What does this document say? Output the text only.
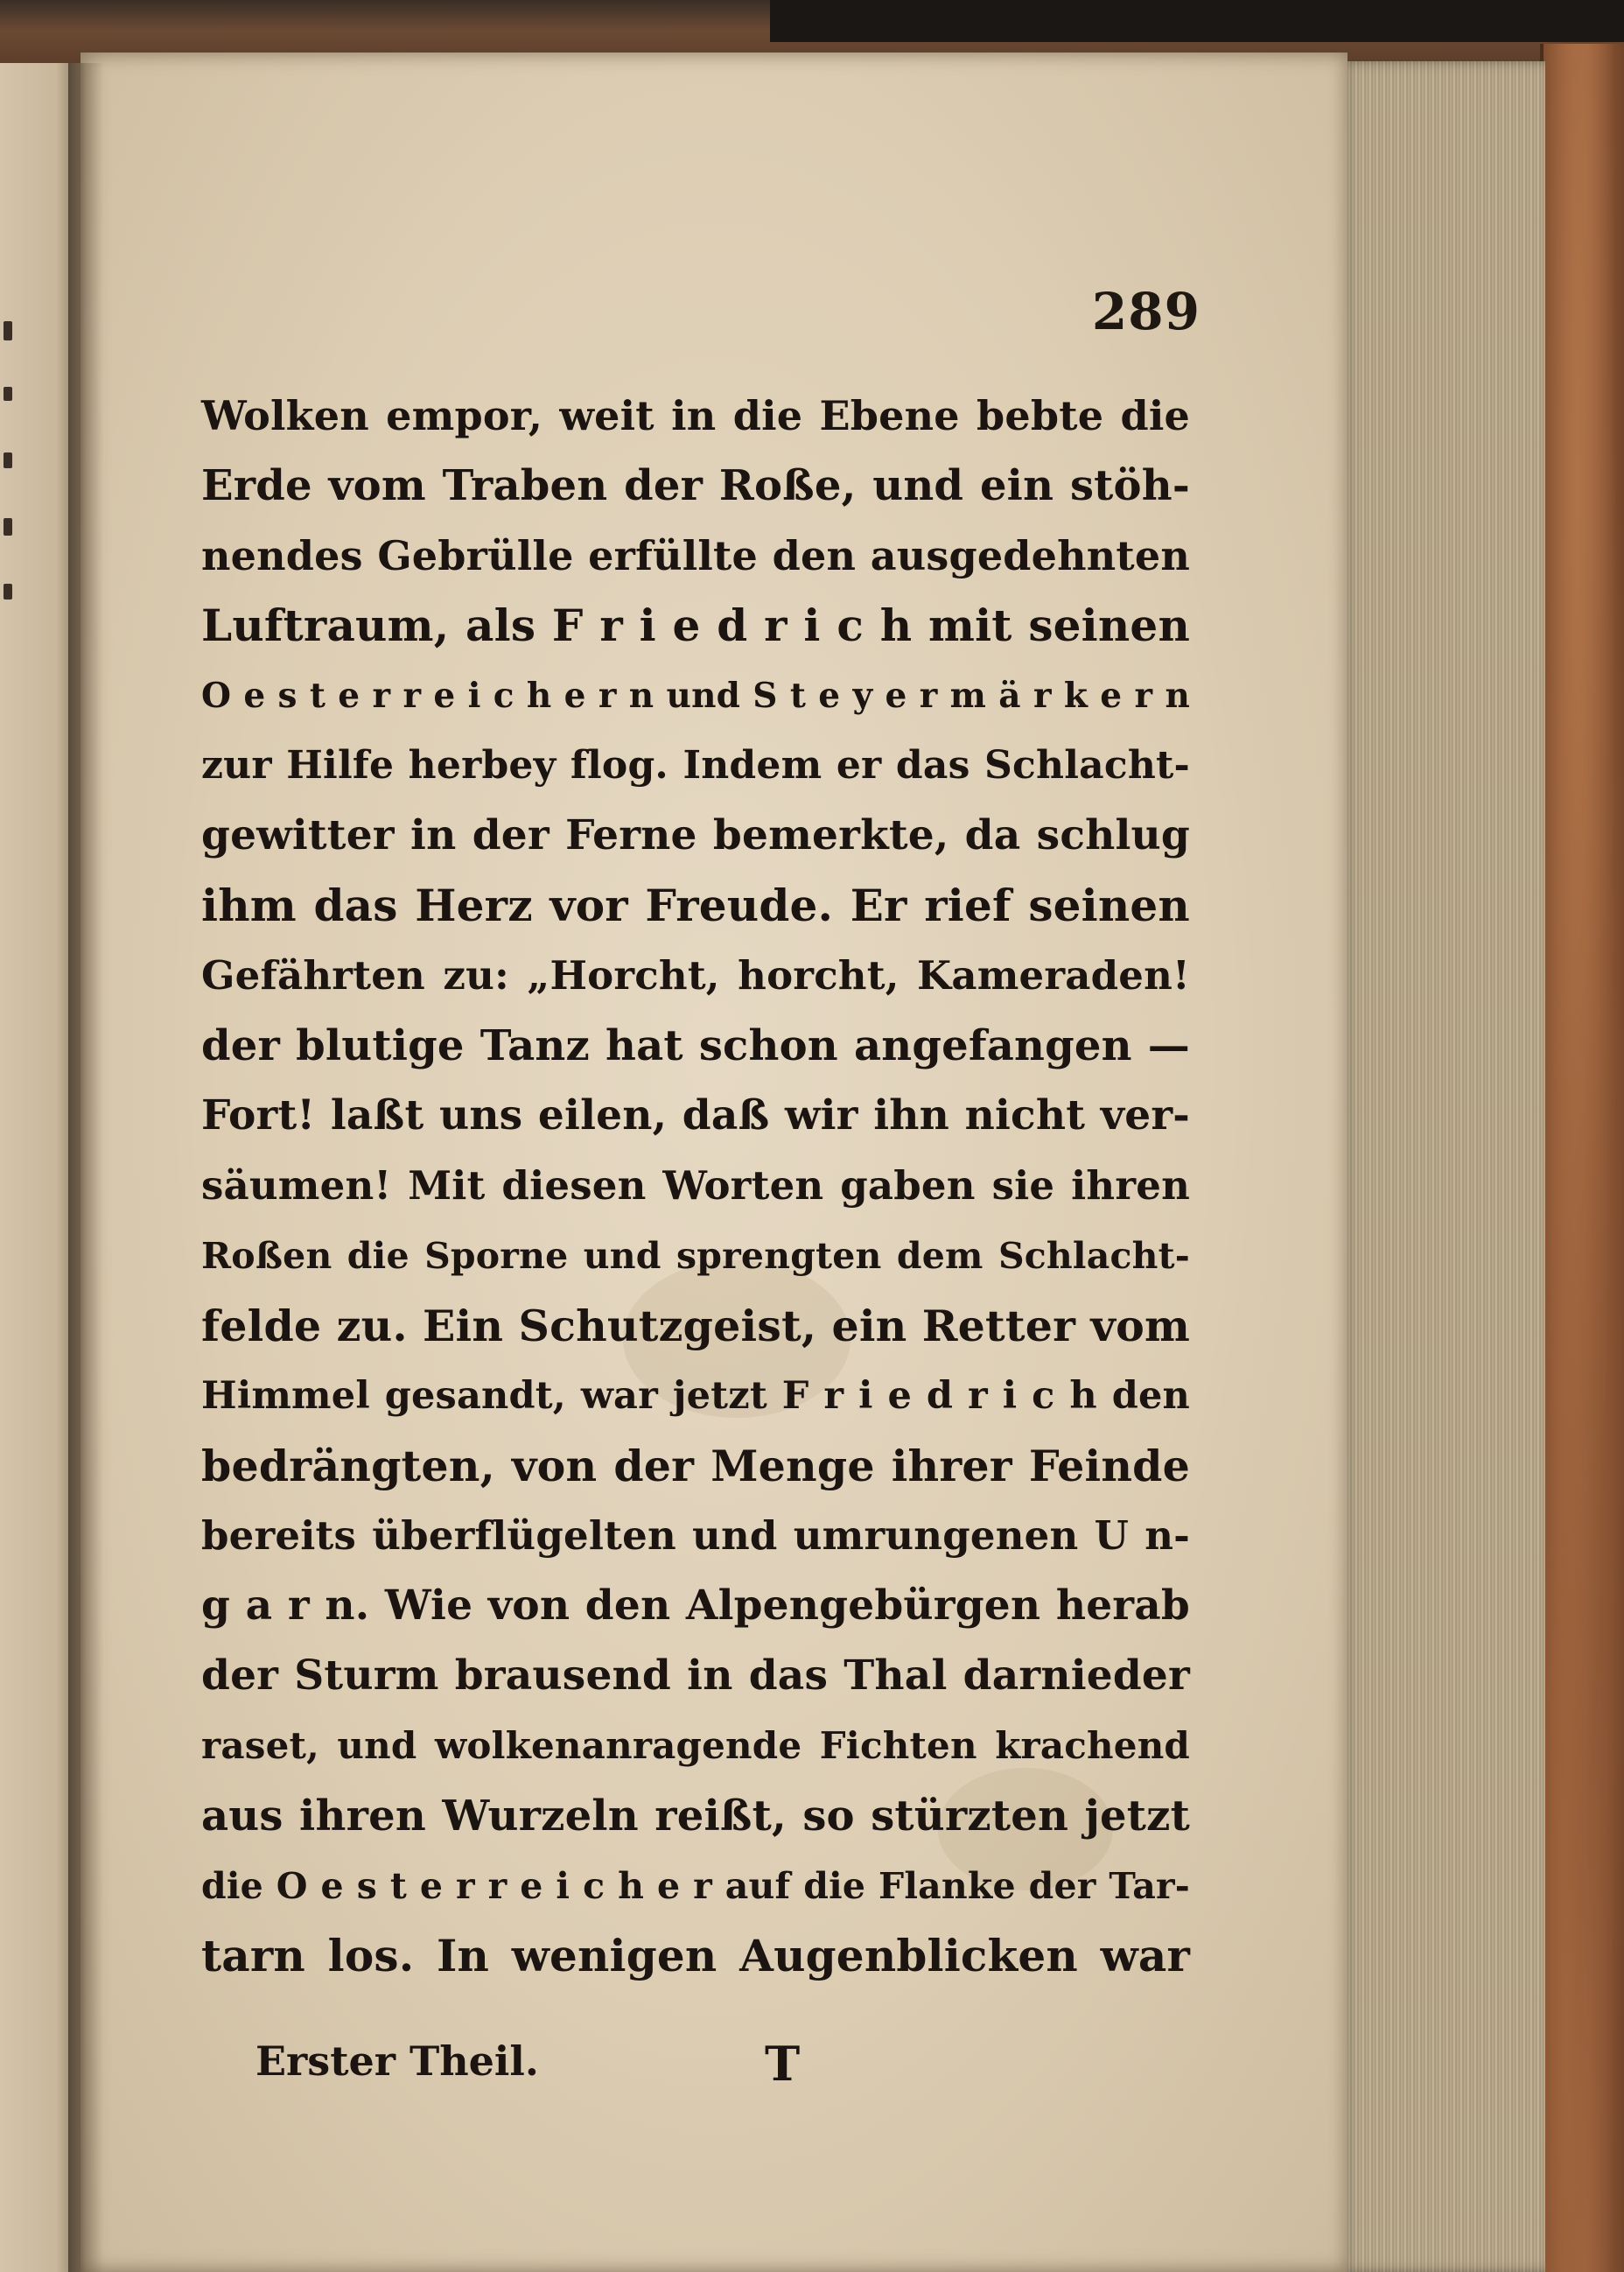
289
Wolken empor, weit in die Ebene bebte die
Erde vom Traben der Roße, und ein stöh-
nendes Gebrülle erfüllte den ausgedehnten
Luftraum, als F r i e d r i c h mit seinen
O e s t e r r e i c h e r n und S t e y e r m ä r k e r n
zur Hilfe herbey flog. Indem er das Schlacht-
gewitter in der Ferne bemerkte, da schlug
ihm das Herz vor Freude. Er rief seinen
Gefährten zu: „Horcht, horcht, Kameraden!
der blutige Tanz hat schon angefangen —
Fort! laßt uns eilen, daß wir ihn nicht ver-
säumen! Mit diesen Worten gaben sie ihren
Roßen die Sporne und sprengten dem Schlacht-
felde zu. Ein Schutzgeist, ein Retter vom
Himmel gesandt, war jetzt F r i e d r i c h den
bedrängten, von der Menge ihrer Feinde
bereits überflügelten und umrungenen U n-
g a r n. Wie von den Alpengebürgen herab
der Sturm brausend in das Thal darnieder
raset, und wolkenanragende Fichten krachend
aus ihren Wurzeln reißt, so stürzten jetzt
die O e s t e r r e i c h e r auf die Flanke der Tar-
tarn los. In wenigen Augenblicken war
Erster Theil.	T
